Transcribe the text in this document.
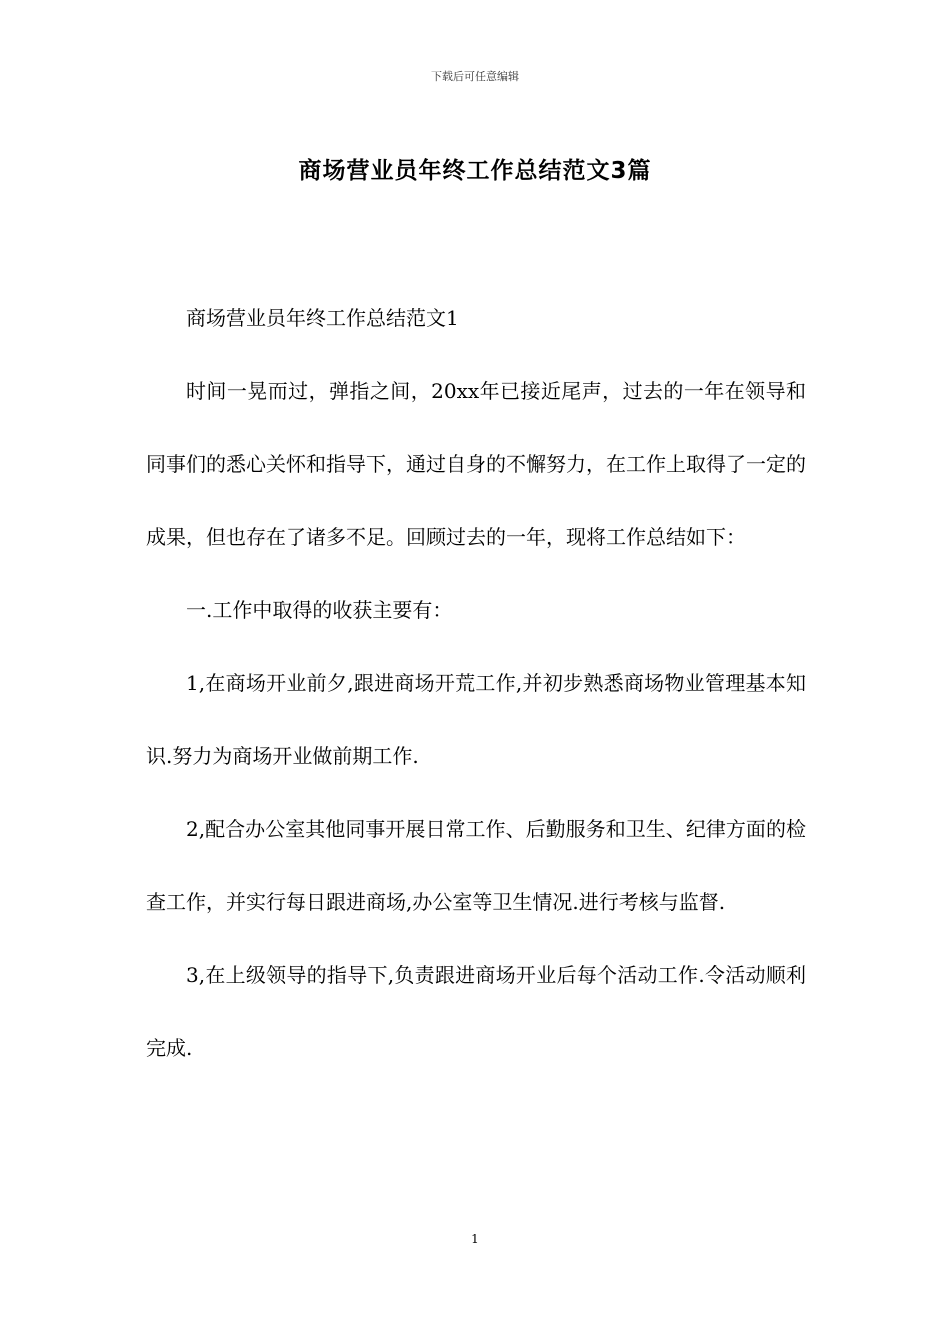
下载后可任意编辑
商场营业员年终工作总结范文3篇

商场营业员年终工作总结范文1

时间一晃而过，弹指之间，20xx年已接近尾声，过去的一年在领导和同事们的悉心关怀和指导下，通过自身的不懈努力，在工作上取得了一定的成果，但也存在了诸多不足。回顾过去的一年，现将工作总结如下：

一.工作中取得的收获主要有：

1,在商场开业前夕,跟进商场开荒工作,并初步熟悉商场物业管理基本知识.努力为商场开业做前期工作.

2,配合办公室其他同事开展日常工作、后勤服务和卫生、纪律方面的检查工作，并实行每日跟进商场,办公室等卫生情况.进行考核与监督.

3,在上级领导的指导下,负责跟进商场开业后每个活动工作.令活动顺利完成.

1
